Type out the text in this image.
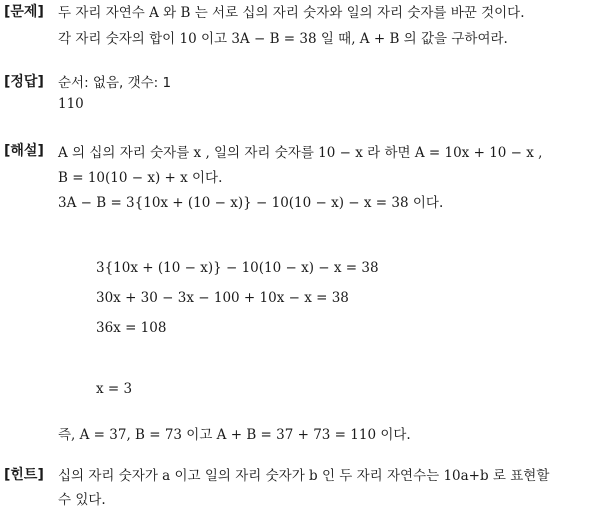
[문제] 두 자리 자연수 A 와 B 는 서로 십의 자리 숫자와 일의 자리 숫자를 바꾼 것이다.
각 자리 숫자의 합이 10 이고 3A − B = 38 일 때, A + B 의 값을 구하여라.
[정답] 순서: 없음, 갯수: 1
110
[해설] A 의 십의 자리 숫자를 x , 일의 자리 숫자를 10 − x 라 하면 A = 10x + 10 − x ,
B = 10(10 − x) + x 이다.
3A − B = 3{10x + (10 − x)} − 10(10 − x) − x = 38 이다.
3{10x + (10 − x)} − 10(10 − x) − x = 38
30x + 30 − 3x − 100 + 10x − x = 38
36x = 108
x = 3
즉, A = 37, B = 73 이고 A + B = 37 + 73 = 110 이다.
[힌트] 십의 자리 숫자가 a 이고 일의 자리 숫자가 b 인 두 자리 자연수는 10a+b 로 표현할
수 있다.
